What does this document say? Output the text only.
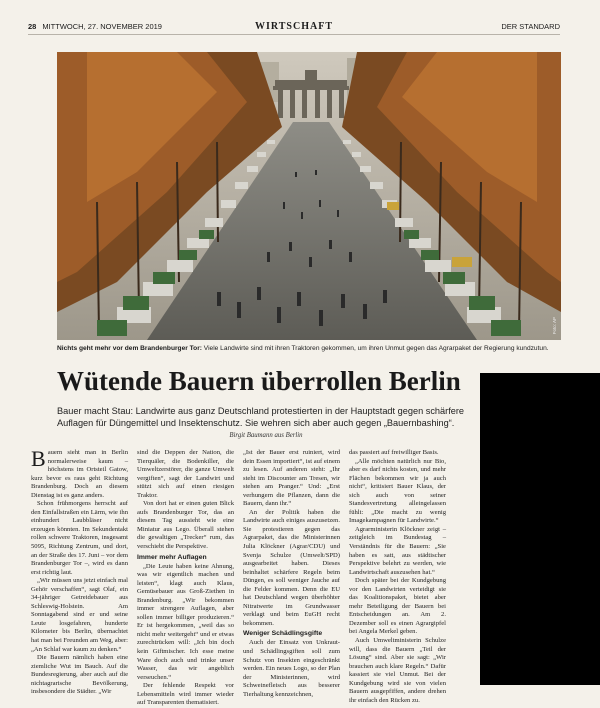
28 MITTWOCH, 27. NOVEMBER 2019	WIRTSCHAFT	DER STANDARD
Foto: AP
Nichts geht mehr vor dem Brandenburger Tor: Viele Landwirte sind mit ihren Traktoren gekommen, um ihren Unmut gegen das Agrarpaket der Regierung kundzutun.
Wütende Bauern überrollen Berlin
Bauer macht Stau: Landwirte aus ganz Deutschland protestierten in der Hauptstadt gegen schärfere Auflagen für Düngemittel und Insektenschutz. Sie wehren sich aber auch gegen „Bauernbashing“.
Birgit Baumann aus Berlin

Bauern sieht man in Berlin normalerweise kaum – höchstens im Ortsteil Gatow, kurz bevor es raus geht Richtung Brandenburg. Doch an diesem Dienstag ist es ganz anders.

Schon frühmorgens herrscht auf den Einfallstraßen ein Lärm, wie ihn einhundert Laubbläser nicht erzeugen könnten. Im Sekundentakt rollen schwere Traktoren, insgesamt 5095, Richtung Zentrum, und dort, an der Straße des 17. Juni – vor dem Brandenburger Tor –, wird es dann erst richtig laut.

„Wir müssen uns jetzt einfach mal Gehör verschaffen“, sagt Olaf, ein 34-jähriger Getreidebauer aus Schleswig-Holstein. Am Sonntagabend sind er und seine Leute losgefahren, hunderte Kilometer bis Berlin, übernachtet hat man bei Freunden am Weg, aber: „An Schlaf war kaum zu denken.“

Die Bauern nämlich haben eine ziemliche Wut im Bauch. Auf die Bundesregierung, aber auch auf die nichtagrarische Bevölkerung, insbesondere die Städter. „Wir

sind die Deppen der Nation, die Tierquäler, die Bodenkiller, die Umweltzerstörer, die ganze Umwelt vergiften“, sagt der Landwirt und stützt sich auf einen riesigen Traktor.

Von dort hat er einen guten Blick aufs Brandenburger Tor, das an diesem Tag aussieht wie eine Miniatur aus Lego. Überall stehen die gewaltigen „Trecker“ rum, das verschiebt die Perspektive.

Immer mehr Auflagen

„Die Leute haben keine Ahnung, was wir eigentlich machen und leisten“, klagt auch Klaus, Gemüsebauer aus Groß-Ziethen in Brandenburg. „Wir bekommen immer strengere Auflagen, aber sollen immer billiger produzieren.“ Er ist hergekommen, „weil das so nicht mehr weitergeht“ und er etwas zurechtrücken will: „Ich bin doch kein Giftmischer. Ich esse meine Ware doch auch und trinke unser Wasser, das wir angeblich verseuchen.“

Der fehlende Respekt vor Lebensmitteln wird immer wieder auf Transparenten thematisiert.

„Ist der Bauer erst ruiniert, wird dein Essen importiert“, ist auf einem zu lesen. Auf anderen steht: „Ihr steht im Discounter am Tresen, wir stehen am Pranger.“ Und: „Erst verhungern die Pflanzen, dann die Bauern, dann ihr.“

An der Politik haben die Landwirte auch einiges auszusetzen. Sie protestieren gegen das Agrarpaket, das die Ministerinnen Julia Klöckner (Agrar/CDU) und Svenja Schulze (Umwelt/SPD) ausgearbeitet haben. Dieses beinhaltet schärfere Regeln beim Düngen, es soll weniger Jauche auf die Felder kommen. Denn die EU hat Deutschland wegen überhöhter Nitratwerte im Grundwasser verklagt und beim EuGH recht bekommen.

Weniger Schädlingsgifte

Auch der Einsatz von Unkraut- und Schädlingsgiften soll zum Schutz von Insekten eingeschränkt werden. Ein neues Logo, so der Plan der Ministerinnen, wird Schweinefleisch aus besserer Tierhaltung kennzeichnen,

das passiert auf freiwilliger Basis.

„Alle möchten natürlich nur Bio, aber es darf nichts kosten, und mehr Flächen bekommen wir ja auch nicht“, kritisiert Bauer Klaus, der sich auch von seiner Standesvertretung alleingelassen fühlt: „Die macht zu wenig Imagekampagnen für Landwirte.“

Agrarministerin Klöckner zeigt – zeitgleich im Bundestag – Verständnis für die Bauern: „Sie haben es satt, aus städtischer Perspektive belehrt zu werden, wie Landwirtschaft auszusehen hat.“

Doch später bei der Kundgebung vor den Landwirten verteidigt sie das Koalitionspaket, bietet aber mehr Beteiligung der Bauern bei Entscheidungen an. Am 2. Dezember soll es einen Agrargipfel bei Angela Merkel geben.

Auch Umweltministerin Schulze will, dass die Bauern „Teil der Lösung“ sind. Aber sie sagt: „Wir brauchen auch klare Regeln.“ Dafür kassiert sie viel Unmut. Bei der Kundgebung wird sie von vielen Bauern ausgepfiffen, andere drehen ihr einfach den Rücken zu.
